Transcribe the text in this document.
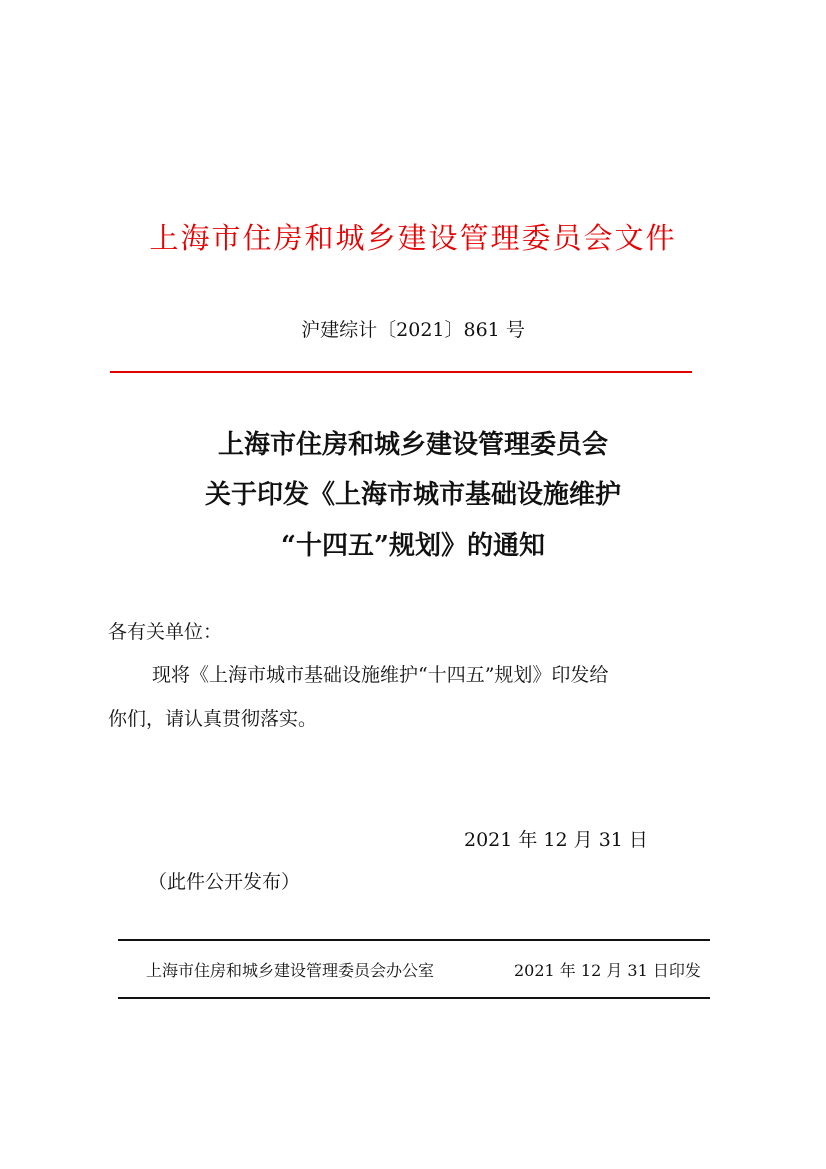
上海市住房和城乡建设管理委员会文件
沪建综计〔2021〕861 号
上海市住房和城乡建设管理委员会
关于印发《上海市城市基础设施维护
“十四五”规划》的通知
各有关单位：
现将《上海市城市基础设施维护“十四五”规划》印发给
你们，请认真贯彻落实。
2021 年 12 月 31 日
（此件公开发布）
上海市住房和城乡建设管理委员会办公室	2021 年 12 月 31 日印发
